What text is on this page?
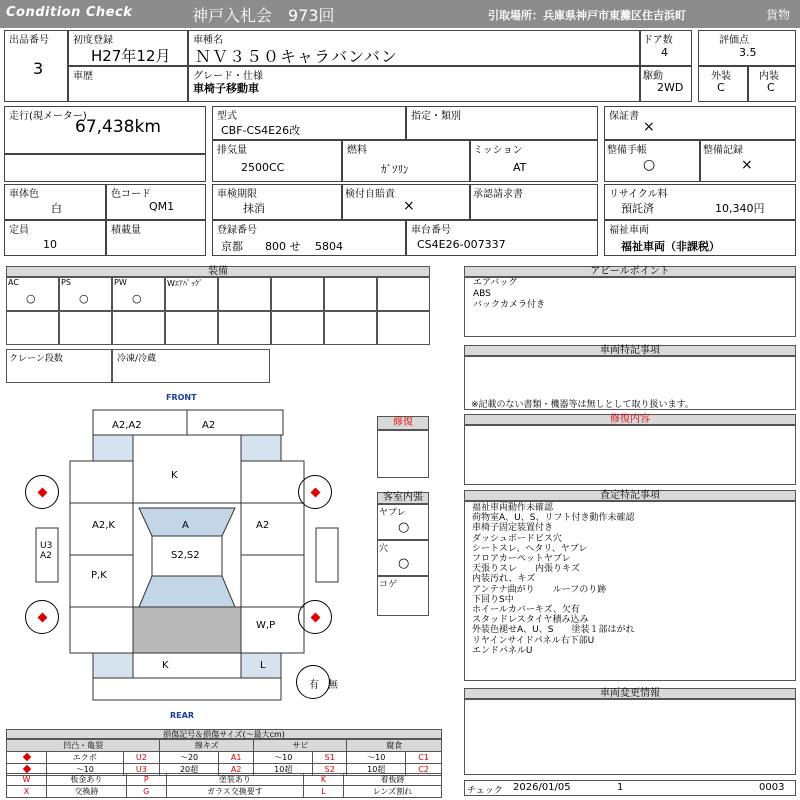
Condition Check	神戸入札会　973回	引取場所：兵庫県神戸市東灘区住吉浜町	貨物
出品番号
3
初度登録
H27年12月
車歴
車種名
ＮＶ３５０キャラバンバン
グレード・仕様
車椅子移動車
ドア数
4
駆動
2WD
評価点
3.5
外装
C
内装
C
走行(現メーター)
67,438km
型式
CBF-CS4E26改
指定・類別
排気量
2500CC
燃料
ｶﾞｿﾘﾝ
ミッション
AT
保証書
×
整備手帳
○
整備記録
×
車体色
白
色コード
QM1
定員
10
積載量
車検期限
抹消
検付自賠責
×
承認請求書
登録番号
京都　　800 せ　 5804
車台番号
CS4E26-007337
リサイクル料
預託済	10,340円
福祉車両
福祉車両（非課税）
装備
AC
○
PS
○
PW
○
Wｴｱﾊﾞｯｸﾞ
クレーン段数	冷凍/冷蔵
FRONT
REAR
A2,A2	A2
K
A2,K	A	A2
U3
A2	S2,S2
P,K
W,P
K	L
有 無
修復
客室内張
ヤブレ
○
穴
○
コゲ
アピールポイント
エアバッグ
ABS
バックカメラ付き
車両特記事項
※記載のない書類・機器等は無しとして取り扱います。
修復内容
査定特記事項
福祉車両動作未確認
荷物室A、U、S、リフト付き動作未確認
車椅子固定装置付き
ダッシュボードビス穴
シートスレ、ヘタリ、ヤブレ
フロアカーペットヤブレ
天張りスレ　　内張りキズ
内装汚れ、キズ
アンテナ曲がり　　ルーフのり跡
下回りS中
ホイールカバーキズ、欠有
スタッドレスタイヤ積み込み
外装色褪せA、U、S　　塗装１部はがれ
リヤインサイドパネル右下部U
エンドパネルU
車両変更情報
損傷記号＆損傷サイズ(〜最大cm)
凹凸・亀裂			線キズ		サビ		腐食	
	エクボ	U2	〜20	A1	〜10	S1	〜10	C1
	〜10	U3	20超	A2	10超	S2	10超	C2
W	板金あり	P	塗装あり	K	着板跡
X	交換跡	G	ガラス交換要す	L	レンズ割れ	チェック 2026/01/05	1	0003
